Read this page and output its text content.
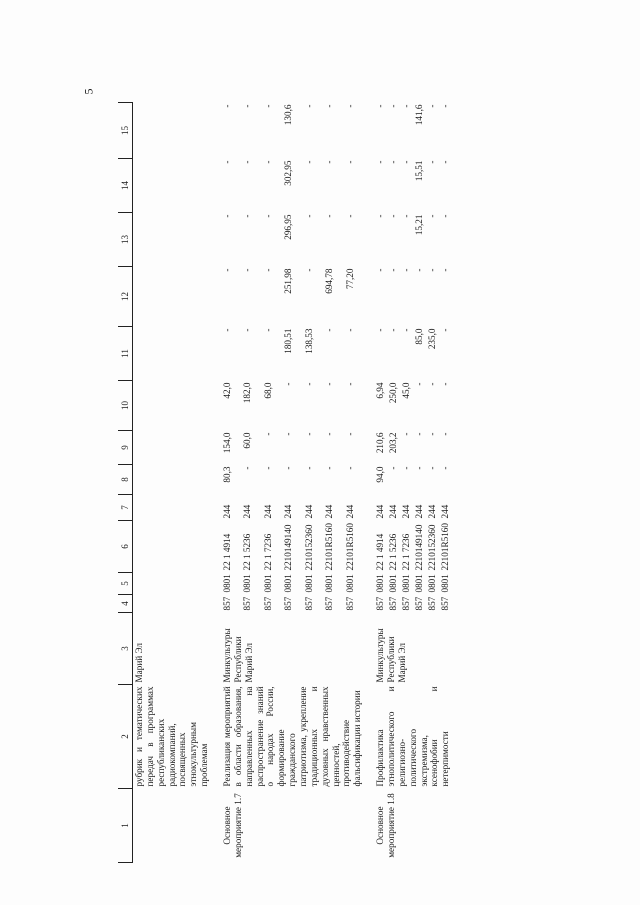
5
1	2	3	4	5	6	7	8	9	10	11	12	13	14	15
	рубрик и тематических передач в программах республиканских радиокомпаний, посвященных этнокультурным проблемам	Марий Эл												

Основное мероприятие 1.7	Реализация мероприятий в области образования, направленных на распространение знаний о народах России, формирование гражданского патриотизма, укрепление традиционных и духовных нравственных ценностей, противодействие фальсификации истории	Минкультуры Республики Марий Эл	857	0801	22 1 4914	244	80,3	154,0	42,0	-	-	-	-	-
			857	0801	22 1 5236	244	-	60,0	182,0	-	-	-	-	-
			857	0801	22 1 7236	244	-	-	68,0	-	-	-	-	-
			857	0801	2210149140	244	-	-	-	180,51	251,98	296,95	302,95	130,6
			857	0801	2210152360	244	-	-	-	138,53	-	-	-	-
			857	0801	22101R5160	244	-	-	-	-	694,78	-	-	-
			857	0801	22101R5160	244	-	-	-	-	77,20	-	-	-

Основное мероприятие 1.8	Профилактика этнополитического и религиозно-политического экстремизма, ксенофобии и нетерпимости	Минкультуры Республики Марий Эл	857	0801	22 1 4914	244	94,0	210,6	6,94	-	-	-	-	-
			857	0801	22 1 5236	244	-	203,2	250,0	-	-	-	-	-
			857	0801	22 1 7236	244	-	-	45,0	-	-	-	-	-
			857	0801	2210149140	244	-	-	-	85,0	-	15,21	15,51	141,6
			857	0801	2210152360	244	-	-	-	235,0	-	-	-	-
			857	0801	22101R5160	244	-	-	-	-	-	-	-	-
